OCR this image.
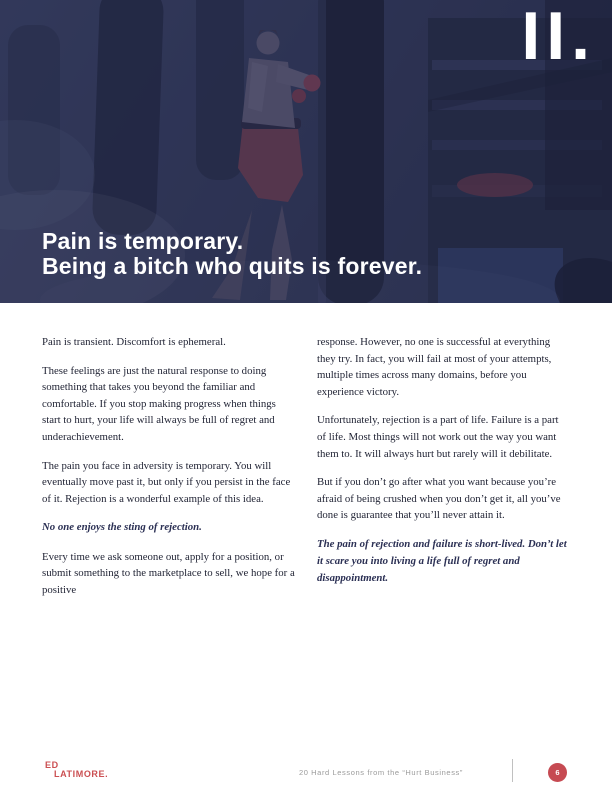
II.
Pain is temporary.
Being a bitch who quits is forever.

Pain is transient. Discomfort is ephemeral.

These feelings are just the natural response to doing something that takes you beyond the familiar and comfortable. If you stop making progress when things start to hurt, your life will always be full of regret and underachievement.

The pain you face in adversity is temporary. You will eventually move past it, but only if you persist in the face of it. Rejection is a wonderful example of this idea.

No one enjoys the sting of rejection.

Every time we ask someone out, apply for a position, or submit something to the marketplace to sell, we hope for a positive

response. However, no one is successful at everything they try. In fact, you will fail at most of your attempts, multiple times across many domains, before you experience victory.

Unfortunately, rejection is a part of life. Failure is a part of life. Most things will not work out the way you want them to. It will always hurt but rarely will it debilitate.

But if you don’t go after what you want because you’re afraid of being crushed when you don’t get it, all you’ve done is guarantee that you’ll never attain it.

The pain of rejection and failure is short-lived. Don’t let it scare you into living a life full of regret and disappointment.

ED
LATIMORE.	20 Hard Lessons from the “Hurt Business”	6
